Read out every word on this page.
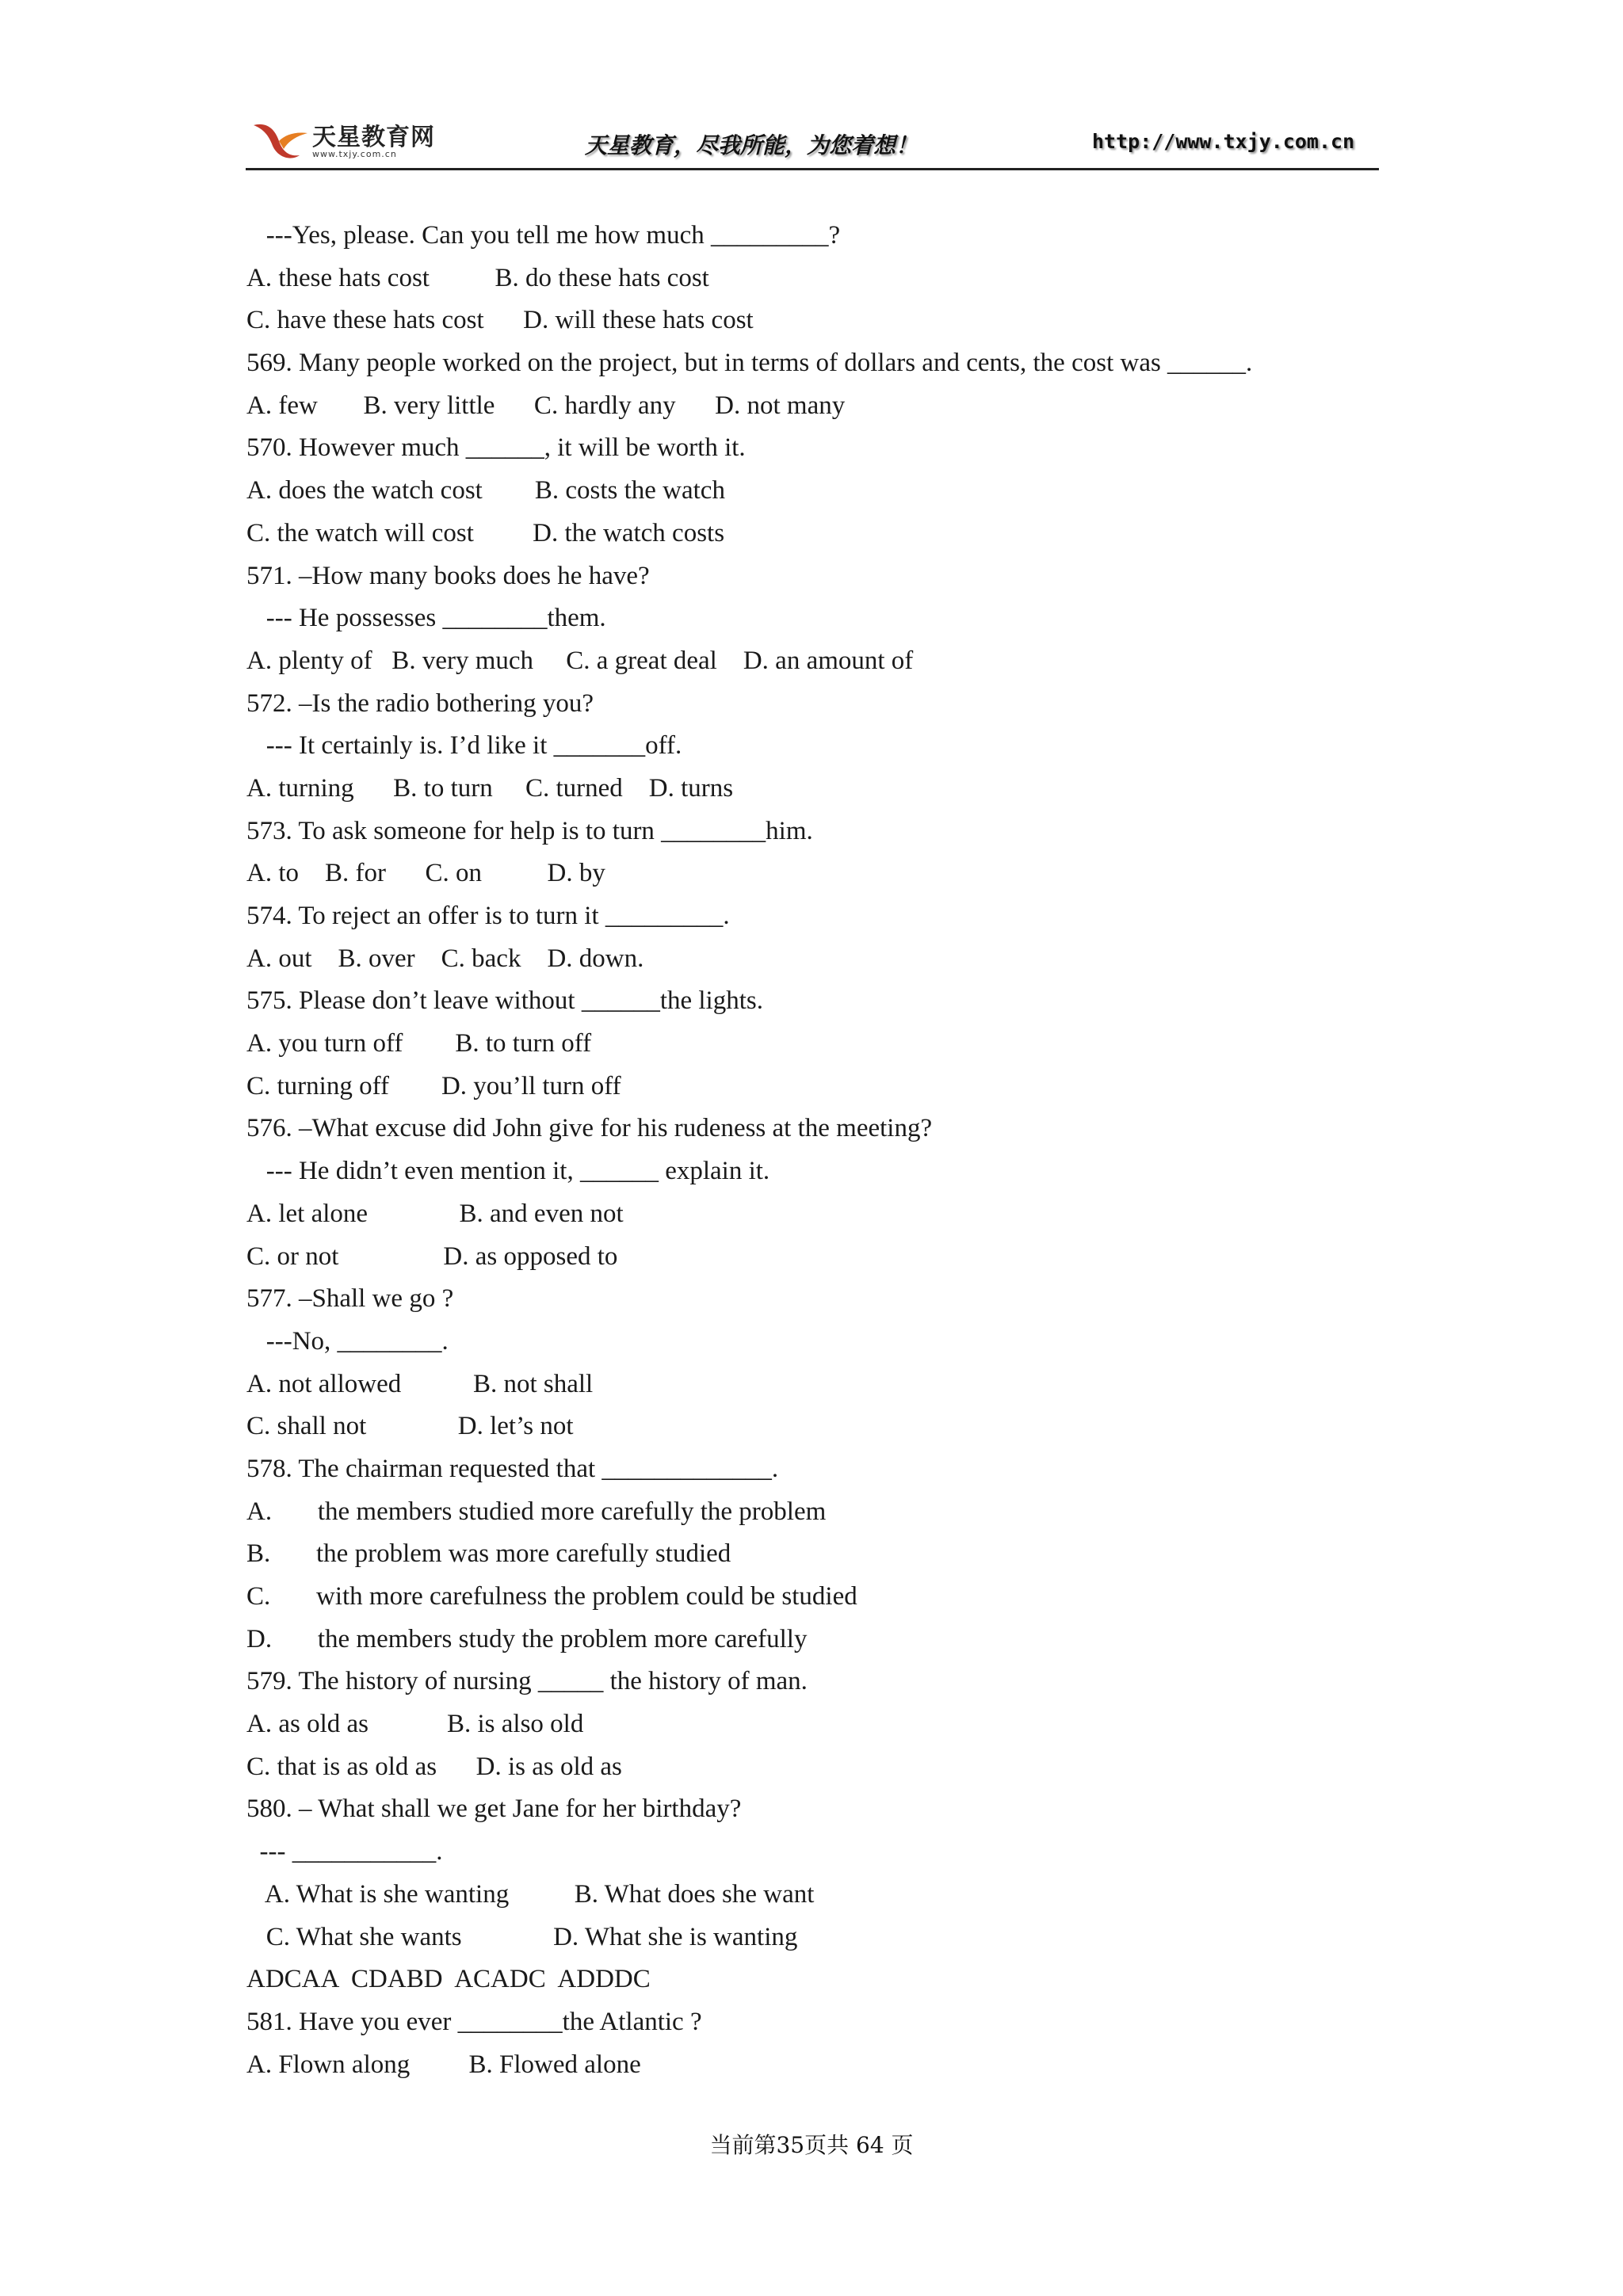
天星教育网
www.txjy.com.cn	天星教育，尽我所能，为您着想！	http://www.txjy.com.cn

---Yes, please. Can you tell me how much _________?

A. these hats cost          B. do these hats cost

C. have these hats cost      D. will these hats cost

569. Many people worked on the project, but in terms of dollars and cents, the cost was ______.

A. few       B. very little      C. hardly any      D. not many

570. However much ______, it will be worth it.

A. does the watch cost        B. costs the watch

C. the watch will cost         D. the watch costs

571. –How many books does he have?

--- He possesses ________them.

A. plenty of   B. very much     C. a great deal    D. an amount of

572. –Is the radio bothering you?

--- It certainly is. I’d like it _______off.

A. turning      B. to turn     C. turned    D. turns

573. To ask someone for help is to turn ________him.

A. to    B. for      C. on          D. by

574. To reject an offer is to turn it _________.

A. out    B. over    C. back    D. down.

575. Please don’t leave without ______the lights.

A. you turn off        B. to turn off

C. turning off        D. you’ll turn off

576. –What excuse did John give for his rudeness at the meeting?

--- He didn’t even mention it, ______ explain it.

A. let alone              B. and even not

C. or not                D. as opposed to

577. –Shall we go ?

---No, ________.

A. not allowed           B. not shall

C. shall not              D. let’s not

578. The chairman requested that _____________.

A.       the members studied more carefully the problem

B.       the problem was more carefully studied

C.       with more carefulness the problem could be studied

D.       the members study the problem more carefully

579. The history of nursing _____ the history of man.

A. as old as            B. is also old

C. that is as old as      D. is as old as

580. – What shall we get Jane for her birthday?

--- ___________.

A. What is she wanting          B. What does she want

C. What she wants              D. What she is wanting

ADCAA  CDABD  ACADC  ADDDC

581. Have you ever ________the Atlantic ?

A. Flown along         B. Flowed alone

当前第35页共 64 页
